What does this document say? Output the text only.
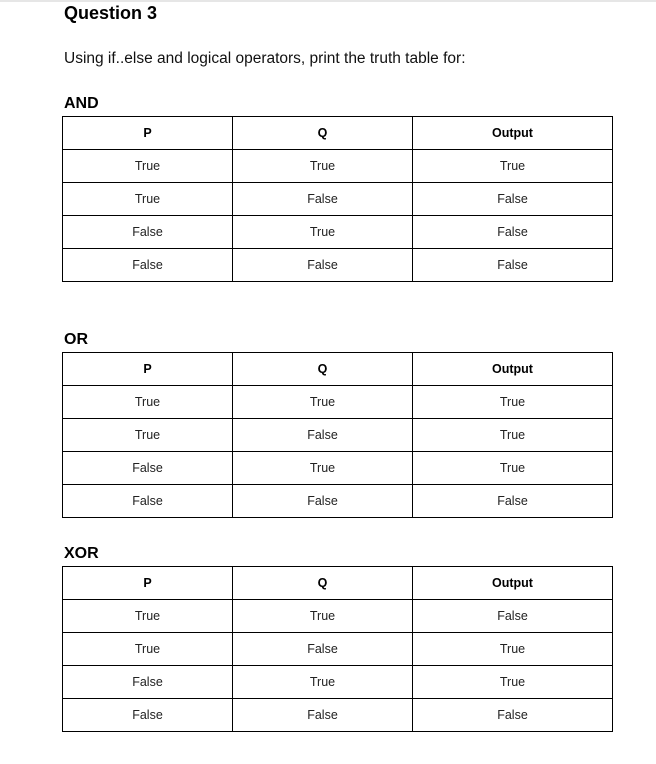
Question 3

Using if..else and logical operators, print the truth table for:

AND
P	Q	Output
True	True	True
True	False	False
False	True	False
False	False	False
OR
P	Q	Output
True	True	True
True	False	True
False	True	True
False	False	False
XOR
P	Q	Output
True	True	False
True	False	True
False	True	True
False	False	False
